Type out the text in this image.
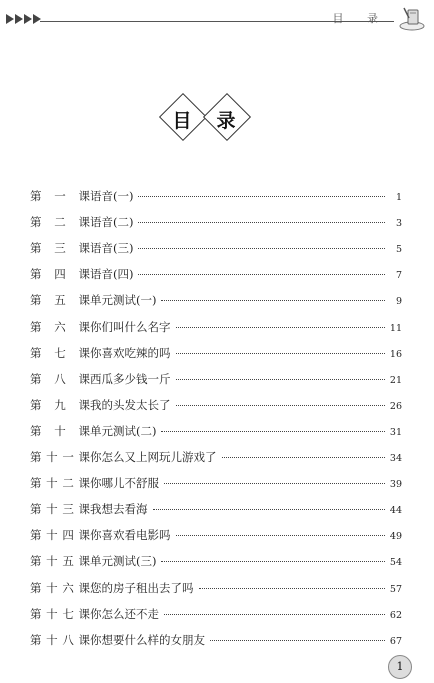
目 录
目 录
第 一 课 语音(一)	1
第 二 课 语音(二)	3
第 三 课 语音(三)	5
第 四 课 语音(四)	7
第 五 课 单元测试(一)	9
第 六 课 你们叫什么名字	11
第 七 课 你喜欢吃辣的吗	16
第 八 课 西瓜多少钱一斤	21
第 九 课 我的头发太长了	26
第 十 课 单元测试(二)	31
第 十 一 课 你怎么又上网玩儿游戏了	34
第 十 二 课 你哪儿不舒服	39
第 十 三 课 我想去看海	44
第 十 四 课 你喜欢看电影吗	49
第 十 五 课 单元测试(三)	54
第 十 六 课 您的房子租出去了吗	57
第 十 七 课 你怎么还不走	62
第 十 八 课 你想要什么样的女朋友	67
1
